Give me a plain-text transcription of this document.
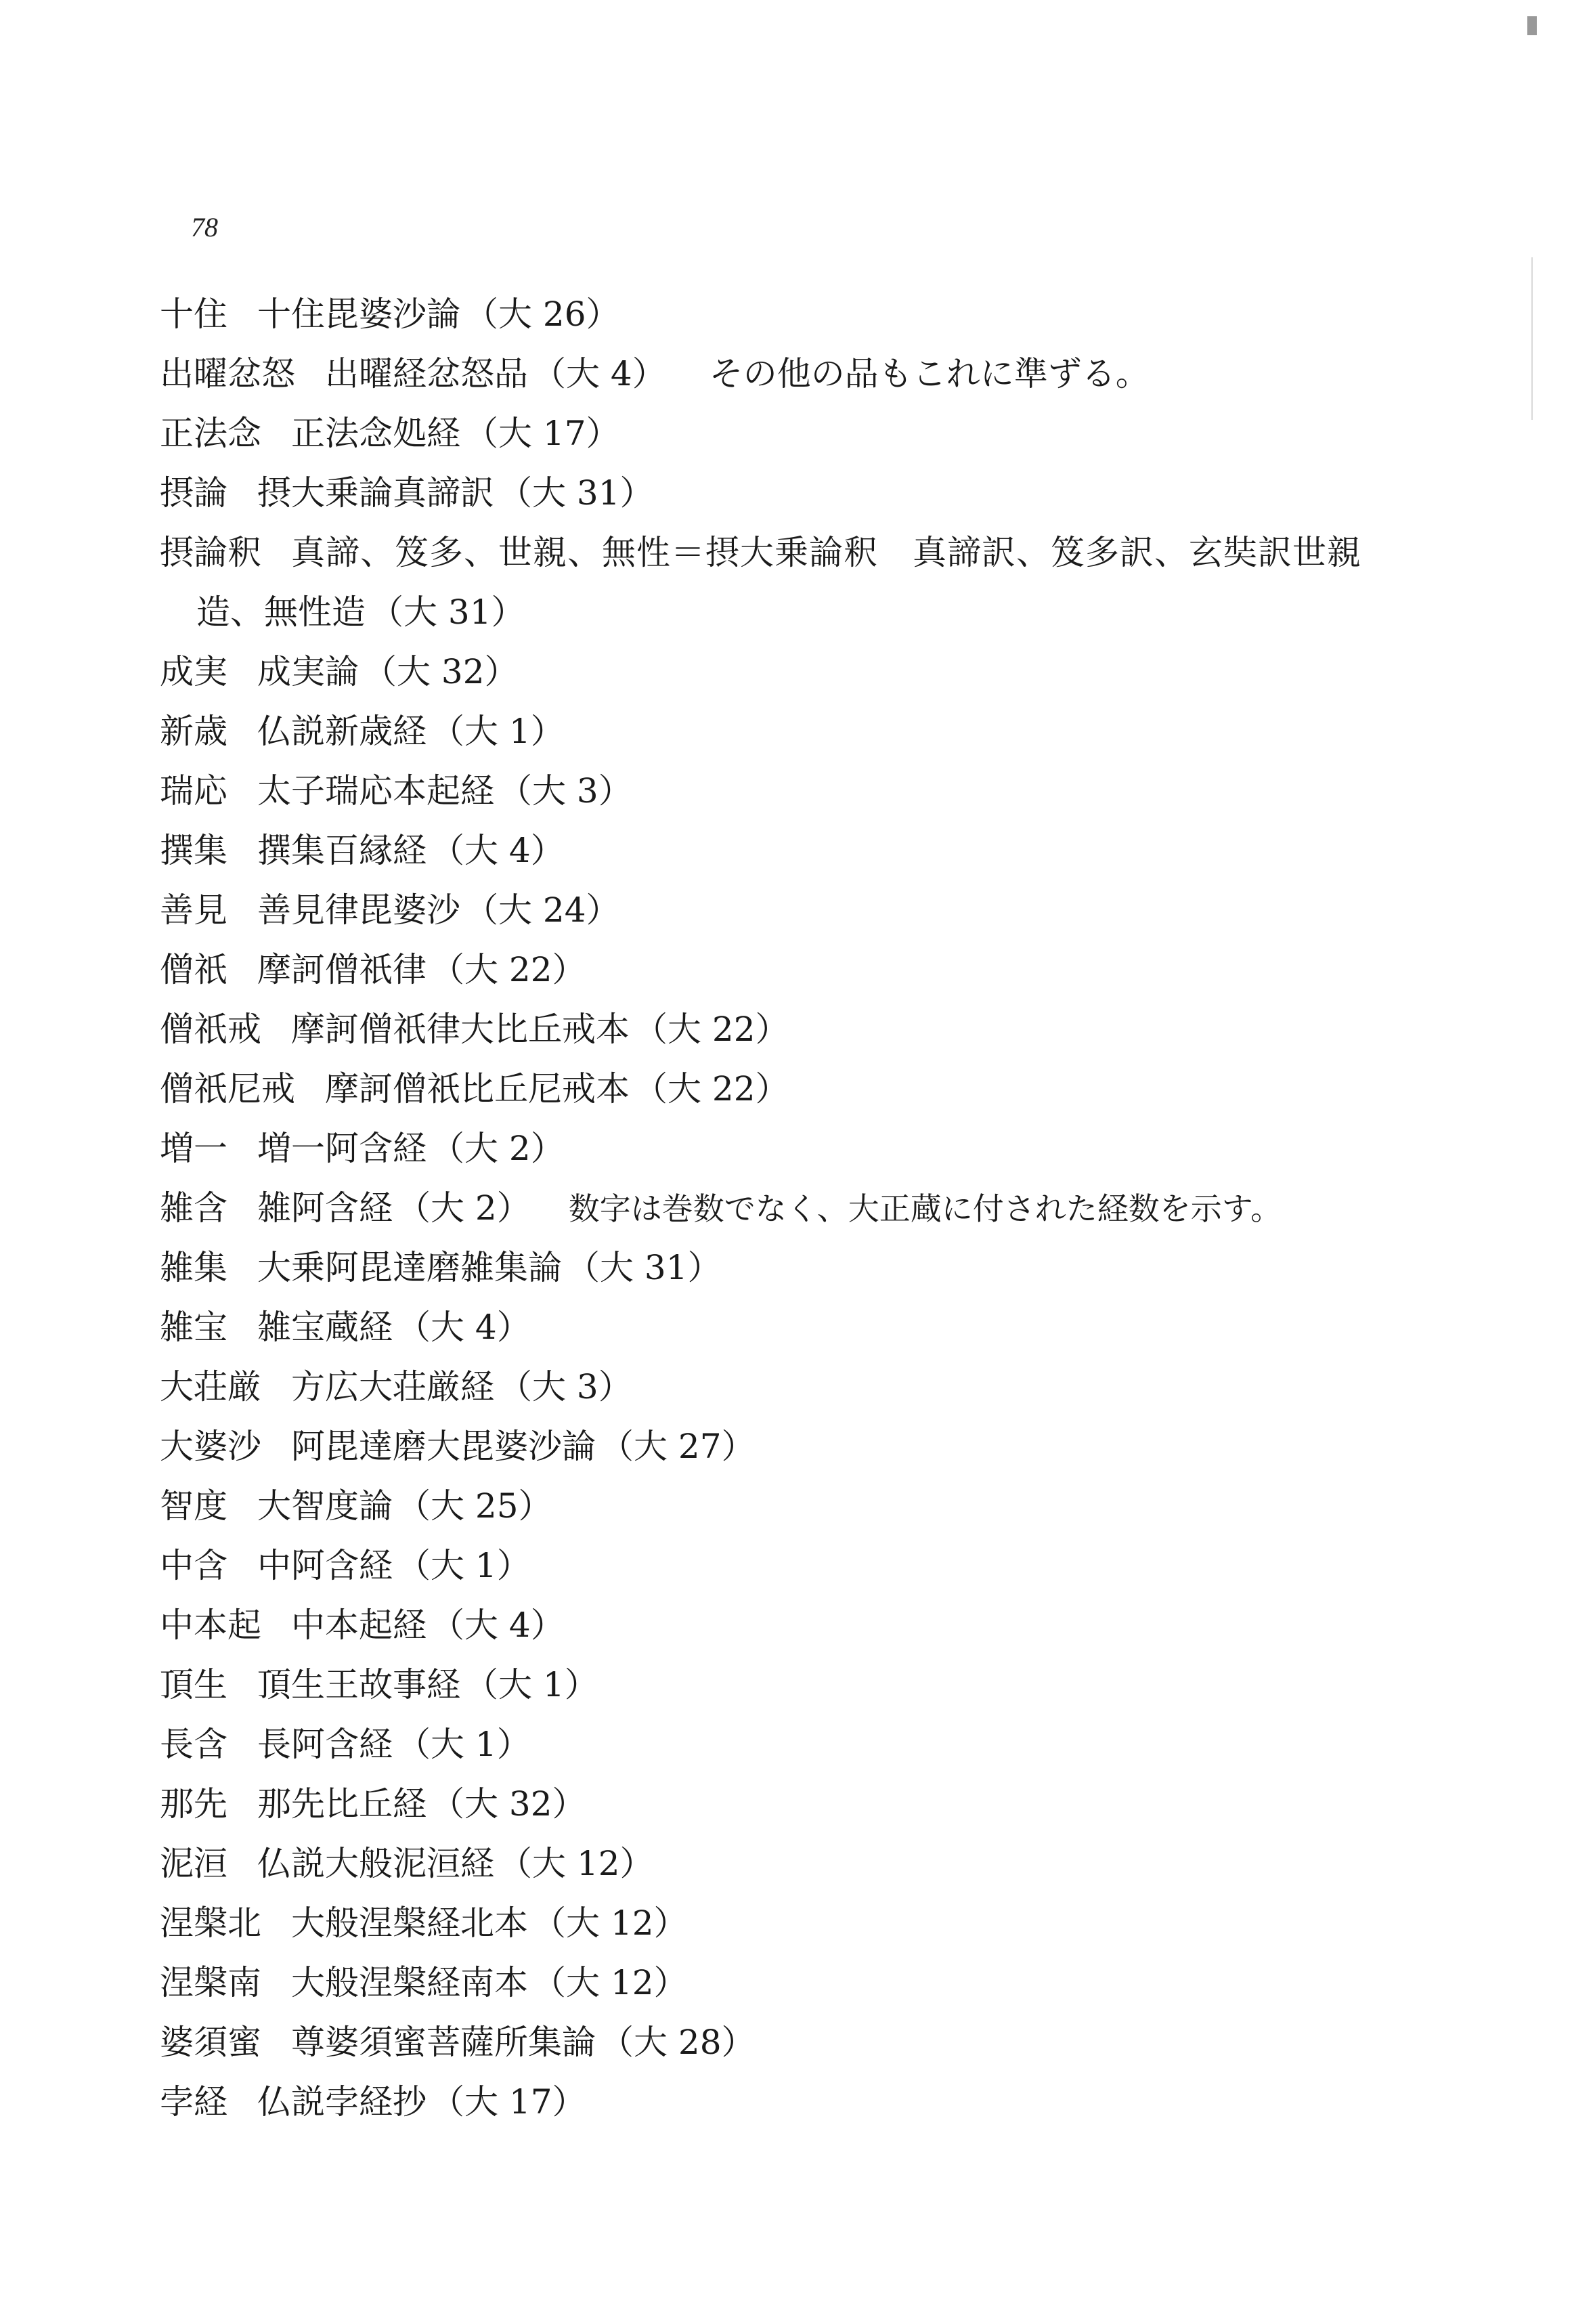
78
十住 十住毘婆沙論 （大 26）
出曜忿怒 出曜経忿怒品 （大 4） その他の品もこれに準ずる。
正法念 正法念処経 （大 17）
摂論 摂大乗論真諦訳 （大 31）
摂論釈 真諦、笈多、世親、無性＝摂大乗論釈　真諦訳、笈多訳、玄奘訳世親
造、無性造 （大 31）
成実 成実論 （大 32）
新歳 仏説新歳経 （大 1）
瑞応 太子瑞応本起経 （大 3）
撰集 撰集百縁経 （大 4）
善見 善見律毘婆沙 （大 24）
僧祇 摩訶僧祇律 （大 22）
僧祇戒 摩訶僧祇律大比丘戒本 （大 22）
僧祇尼戒 摩訶僧祇比丘尼戒本 （大 22）
増一 増一阿含経 （大 2）
雑含 雑阿含経 （大 2） 数字は巻数でなく、大正蔵に付された経数を示す。
雑集 大乗阿毘達磨雑集論 （大 31）
雑宝 雑宝蔵経 （大 4）
大荘厳 方広大荘厳経 （大 3）
大婆沙 阿毘達磨大毘婆沙論 （大 27）
智度 大智度論 （大 25）
中含 中阿含経 （大 1）
中本起 中本起経 （大 4）
頂生 頂生王故事経 （大 1）
長含 長阿含経 （大 1）
那先 那先比丘経 （大 32）
泥洹 仏説大般泥洹経 （大 12）
涅槃北 大般涅槃経北本 （大 12）
涅槃南 大般涅槃経南本 （大 12）
婆須蜜 尊婆須蜜菩薩所集論 （大 28）
孛経 仏説孛経抄 （大 17）
